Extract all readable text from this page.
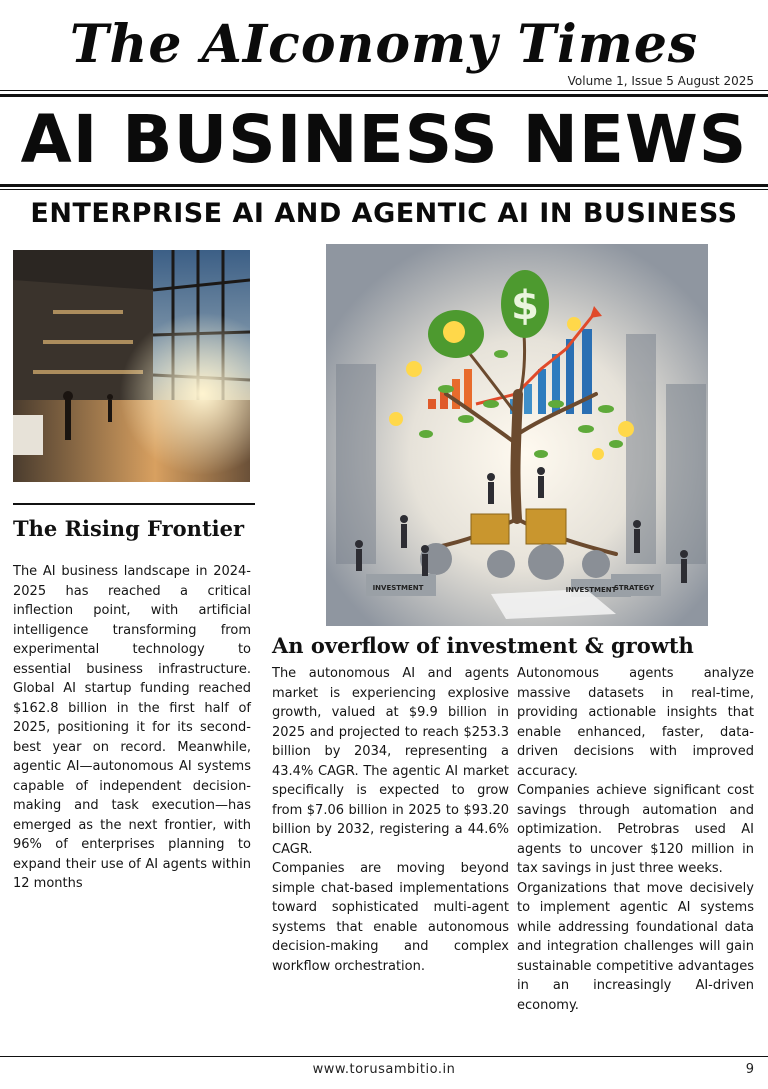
The AIconomy Times
Volume 1, Issue 5 August 2025
AI BUSINESS NEWS
ENTERPRISE AI AND AGENTIC AI IN BUSINESS
$
INVESTMENT	INVESTMENT
STRATEGY
The Rising Frontier

The AI business landscape in 2024-2025 has reached a critical inflection point, with artificial intelligence transforming from experimental technology to essential business infrastructure. Global AI startup funding reached $162.8 billion in the first half of 2025, positioning it for its second-best year on record. Meanwhile, agentic AI—autonomous AI systems capable of independent decision-making and task execution—has emerged as the next frontier, with 96% of enterprises planning to expand their use of AI agents within 12 months

An overflow of investment & growth

The autonomous AI and agents market is experiencing explosive growth, valued at $9.9 billion in 2025 and projected to reach $253.3 billion by 2034, representing a 43.4% CAGR. The agentic AI market specifically is expected to grow from $7.06 billion in 2025 to $93.20 billion by 2032, registering a 44.6% CAGR.

Companies are moving beyond simple chat-based implementations toward sophisticated multi-agent systems that enable autonomous decision-making and complex workflow orchestration.

Autonomous agents analyze massive datasets in real-time, providing actionable insights that enable enhanced, faster, data-driven decisions with improved accuracy.

Companies achieve significant cost savings through automation and optimization. Petrobras used AI agents to uncover $120 million in tax savings in just three weeks.

Organizations that move decisively to implement agentic AI systems while addressing foundational data and integration challenges will gain sustainable competitive advantages in an increasingly AI-driven economy.

www.torusambitio.in	9
